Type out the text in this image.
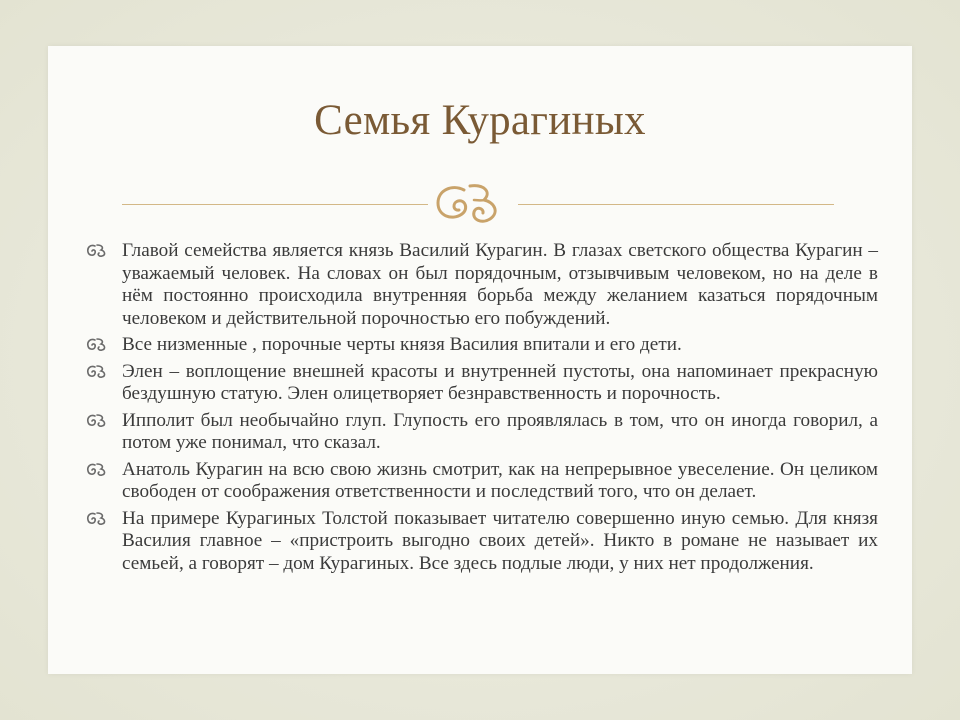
Семья Курагиных
Главой семейства является князь Василий Курагин. В глазах светского общества Курагин – уважаемый человек. На словах он был порядочным, отзывчивым человеком, но на деле в нём постоянно происходила внутренняя борьба между желанием казаться порядочным человеком и действительной порочностью его побуждений.
Все низменные , порочные черты князя Василия впитали и его дети.
Элен – воплощение внешней красоты и внутренней пустоты, она напоминает прекрасную бездушную статую. Элен олицетворяет безнравственность и порочность.
Ипполит был необычайно глуп. Глупость его проявлялась в том, что он иногда говорил, а потом уже понимал, что сказал.
Анатоль Курагин на всю свою жизнь смотрит, как на непрерывное увеселение. Он целиком свободен от соображения ответственности и последствий того, что он делает.
На примере Курагиных Толстой показывает читателю совершенно иную семью. Для князя Василия главное – «пристроить выгодно своих детей». Никто в романе не называет их семьей, а говорят – дом Курагиных. Все здесь подлые люди, у них нет продолжения.
